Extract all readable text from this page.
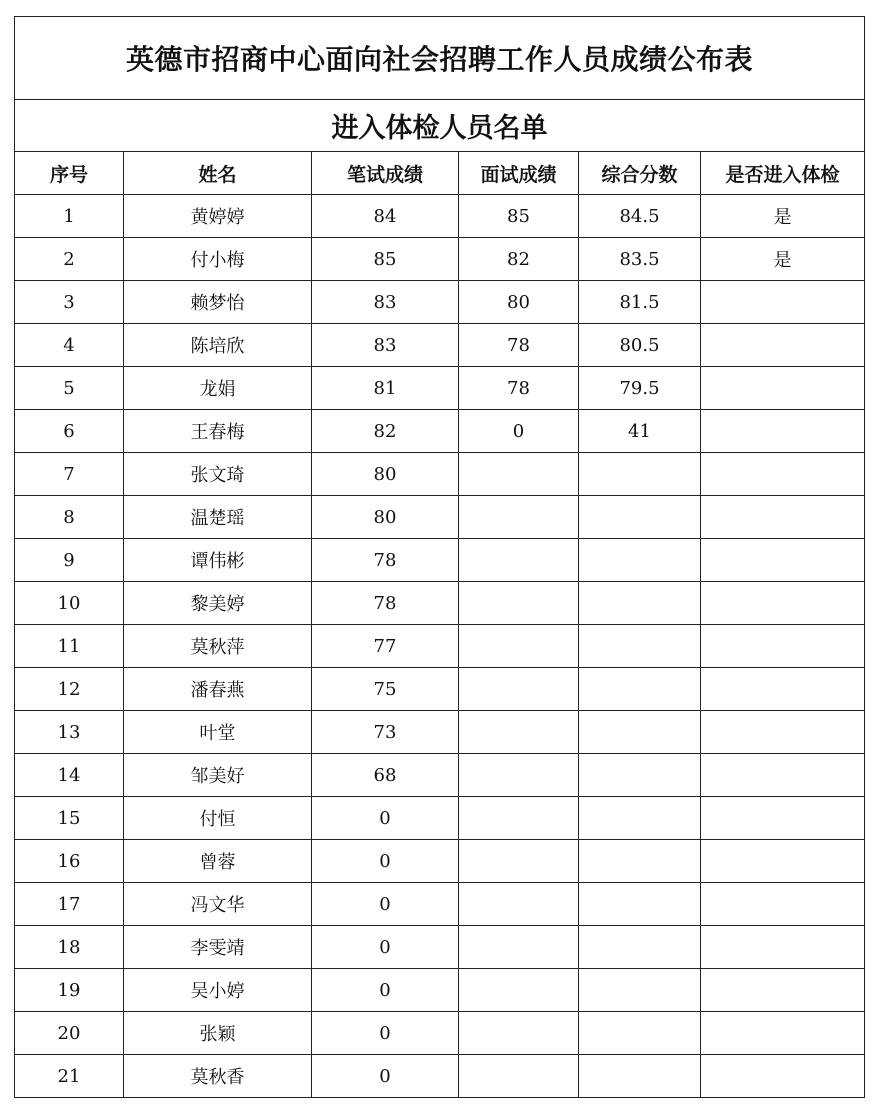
英德市招商中心面向社会招聘工作人员成绩公布表					
进入体检人员名单					
序号	姓名	笔试成绩	面试成绩	综合分数	是否进入体检
1	黄婷婷	84	85	84.5	是
2	付小梅	85	82	83.5	是
3	赖梦怡	83	80	81.5	
4	陈培欣	83	78	80.5	
5	龙娟	81	78	79.5	
6	王春梅	82	0	41	
7	张文琦	80			
8	温楚瑶	80			
9	谭伟彬	78			
10	黎美婷	78			
11	莫秋萍	77			
12	潘春燕	75			
13	叶堂	73			
14	邹美好	68			
15	付恒	0			
16	曾蓉	0			
17	冯文华	0			
18	李雯靖	0			
19	吴小婷	0			
20	张颖	0			
21	莫秋香	0			
